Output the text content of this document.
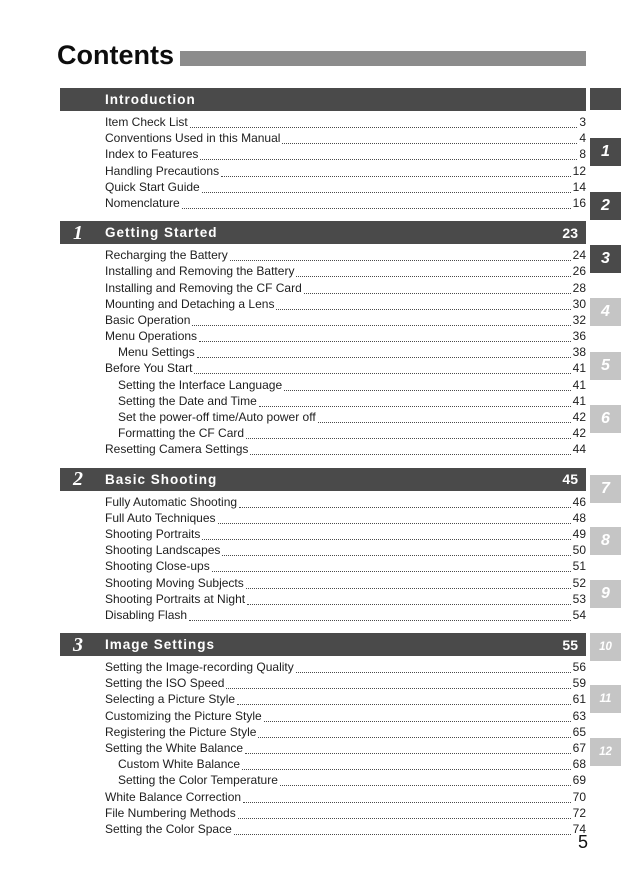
Contents
Introduction
Item Check List	3
Conventions Used in this Manual	4
Index to Features	8
Handling Precautions	12
Quick Start Guide	14
Nomenclature	16
1	Getting Started	23
Recharging the Battery	24
Installing and Removing the Battery	26
Installing and Removing the CF Card	28
Mounting and Detaching a Lens	30
Basic Operation	32
Menu Operations	36
Menu Settings	38
Before You Start	41
Setting the Interface Language	41
Setting the Date and Time	41
Set the power-off time/Auto power off	42
Formatting the CF Card	42
Resetting Camera Settings	44
2	Basic Shooting	45
Fully Automatic Shooting	46
Full Auto Techniques	48
Shooting Portraits	49
Shooting Landscapes	50
Shooting Close-ups	51
Shooting Moving Subjects	52
Shooting Portraits at Night	53
Disabling Flash	54
3	Image Settings	55
Setting the Image-recording Quality	56
Setting the ISO Speed	59
Selecting a Picture Style	61
Customizing the Picture Style	63
Registering the Picture Style	65
Setting the White Balance	67
Custom White Balance	68
Setting the Color Temperature	69
White Balance Correction	70
File Numbering Methods	72
Setting the Color Space	74
1
2
3
4
5
6
7
8
9
10
11
12
5
